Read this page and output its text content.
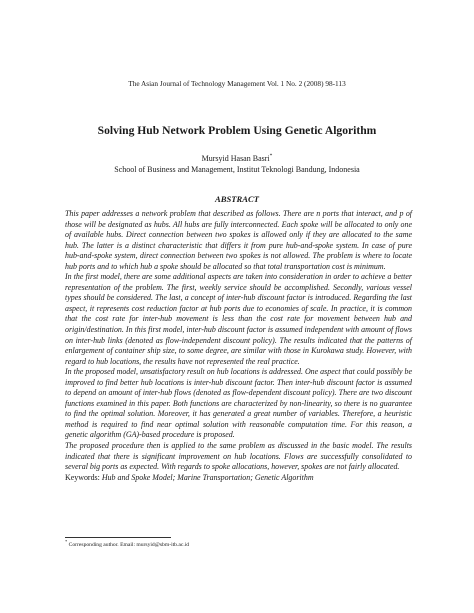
The Asian Journal of Technology Management Vol. 1 No. 2 (2008) 98-113
Solving Hub Network Problem Using Genetic Algorithm
Mursyid Hasan Basri*
School of Business and Management, Institut Teknologi Bandung, Indonesia
ABSTRACT

This paper addresses a network problem that described as follows. There are n ports that interact, and p of those will be designated as hubs. All hubs are fully interconnected. Each spoke will be allocated to only one of available hubs. Direct connection between two spokes is allowed only if they are allocated to the same hub. The latter is a distinct characteristic that differs it from pure hub-and-spoke system. In case of pure hub-and-spoke system, direct connection between two spokes is not allowed. The problem is where to locate hub ports and to which hub a spoke should be allocated so that total transportation cost is minimum.

In the first model, there are some additional aspects are taken into consideration in order to achieve a better representation of the problem. The first, weekly service should be accomplished. Secondly, various vessel types should be considered. The last, a concept of inter-hub discount factor is introduced. Regarding the last aspect, it represents cost reduction factor at hub ports due to economies of scale. In practice, it is common that the cost rate for inter-hub movement is less than the cost rate for movement between hub and origin/destination. In this first model, inter-hub discount factor is assumed independent with amount of flows on inter-hub links (denoted as flow-independent discount policy). The results indicated that the patterns of enlargement of container ship size, to some degree, are similar with those in Kurokawa study. However, with regard to hub locations, the results have not represented the real practice.

In the proposed model, unsatisfactory result on hub locations is addressed. One aspect that could possibly be improved to find better hub locations is inter-hub discount factor. Then inter-hub discount factor is assumed to depend on amount of inter-hub flows (denoted as flow-dependent discount policy). There are two discount functions examined in this paper. Both functions are characterized by non-linearity, so there is no guarantee to find the optimal solution. Moreover, it has generated a great number of variables. Therefore, a heuristic method is required to find near optimal solution with reasonable computation time. For this reason, a genetic algorithm (GA)-based procedure is proposed.

The proposed procedure then is applied to the same problem as discussed in the basic model. The results indicated that there is significant improvement on hub locations. Flows are successfully consolidated to several big ports as expected. With regards to spoke allocations, however, spokes are not fairly allocated.

Keywords: Hub and Spoke Model; Marine Transportation; Genetic Algorithm
* Corresponding author. Email: mursyid@sbm-itb.ac.id
